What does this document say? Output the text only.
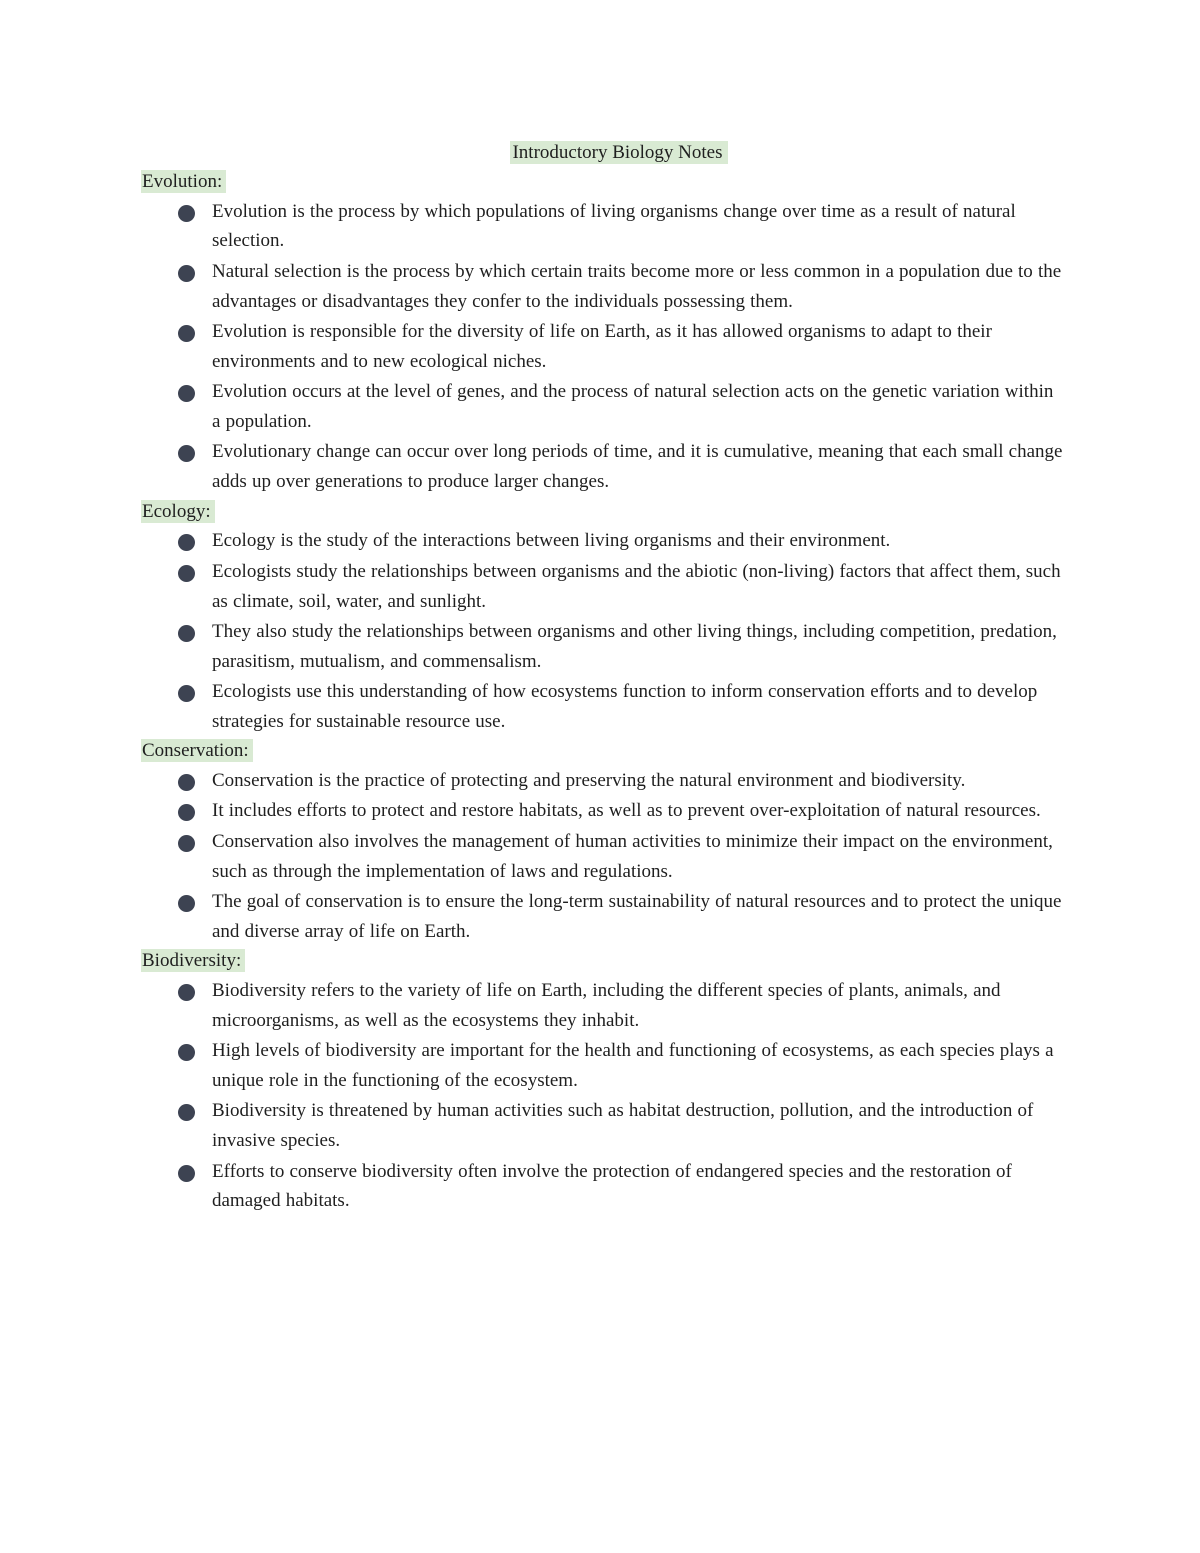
Introductory Biology Notes
Evolution:
Evolution is the process by which populations of living organisms change over time as a result of natural selection.
Natural selection is the process by which certain traits become more or less common in a population due to the advantages or disadvantages they confer to the individuals possessing them.
Evolution is responsible for the diversity of life on Earth, as it has allowed organisms to adapt to their environments and to new ecological niches.
Evolution occurs at the level of genes, and the process of natural selection acts on the genetic variation within a population.
Evolutionary change can occur over long periods of time, and it is cumulative, meaning that each small change adds up over generations to produce larger changes.
Ecology:
Ecology is the study of the interactions between living organisms and their environment.
Ecologists study the relationships between organisms and the abiotic (non-living) factors that affect them, such as climate, soil, water, and sunlight.
They also study the relationships between organisms and other living things, including competition, predation, parasitism, mutualism, and commensalism.
Ecologists use this understanding of how ecosystems function to inform conservation efforts and to develop strategies for sustainable resource use.
Conservation:
Conservation is the practice of protecting and preserving the natural environment and biodiversity.
It includes efforts to protect and restore habitats, as well as to prevent over-exploitation of natural resources.
Conservation also involves the management of human activities to minimize their impact on the environment, such as through the implementation of laws and regulations.
The goal of conservation is to ensure the long-term sustainability of natural resources and to protect the unique and diverse array of life on Earth.
Biodiversity:
Biodiversity refers to the variety of life on Earth, including the different species of plants, animals, and microorganisms, as well as the ecosystems they inhabit.
High levels of biodiversity are important for the health and functioning of ecosystems, as each species plays a unique role in the functioning of the ecosystem.
Biodiversity is threatened by human activities such as habitat destruction, pollution, and the introduction of invasive species.
Efforts to conserve biodiversity often involve the protection of endangered species and the restoration of damaged habitats.
